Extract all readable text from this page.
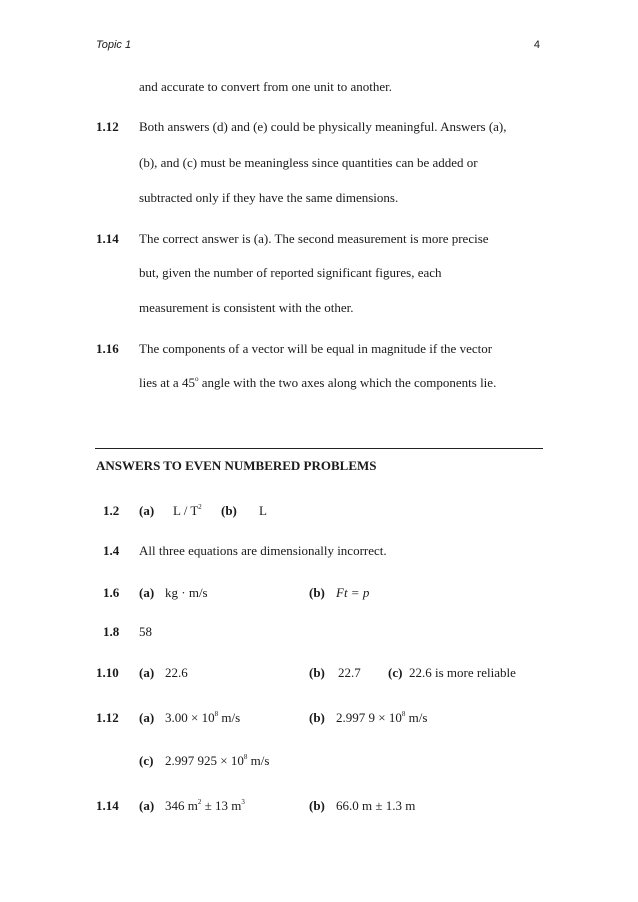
Topic 1	4
and accurate to convert from one unit to another.
1.12 Both answers (d) and (e) could be physically meaningful. Answers (a),
(b), and (c) must be meaningless since quantities can be added or
subtracted only if they have the same dimensions.
1.14 The correct answer is (a). The second measurement is more precise
but, given the number of reported significant figures, each
measurement is consistent with the other.
1.16 The components of a vector will be equal in magnitude if the vector
lies at a 45$^o$ angle with the two axes along which the components lie.
ANSWERS TO EVEN NUMBERED PROBLEMS
1.2 (a) L / $T^2$ (b) L
1.4 All three equations are dimensionally incorrect.
1.6 (a) kg · m/s	(b) Ft = p
1.8 58
1.10 (a) 22.6	(b) 22.7 (c) 22.6 is more reliable
1.12 (a) $3.00 \times 10^8$ m/s	(b) 2.997 $9 \times 10^8$ m/s
(c) 2.997 $925 \times 10^8$ m/s
1.14 (a) 346 $m^2 \pm 13$ $m^3$	(b) 66.0 m ± 1.3 m
